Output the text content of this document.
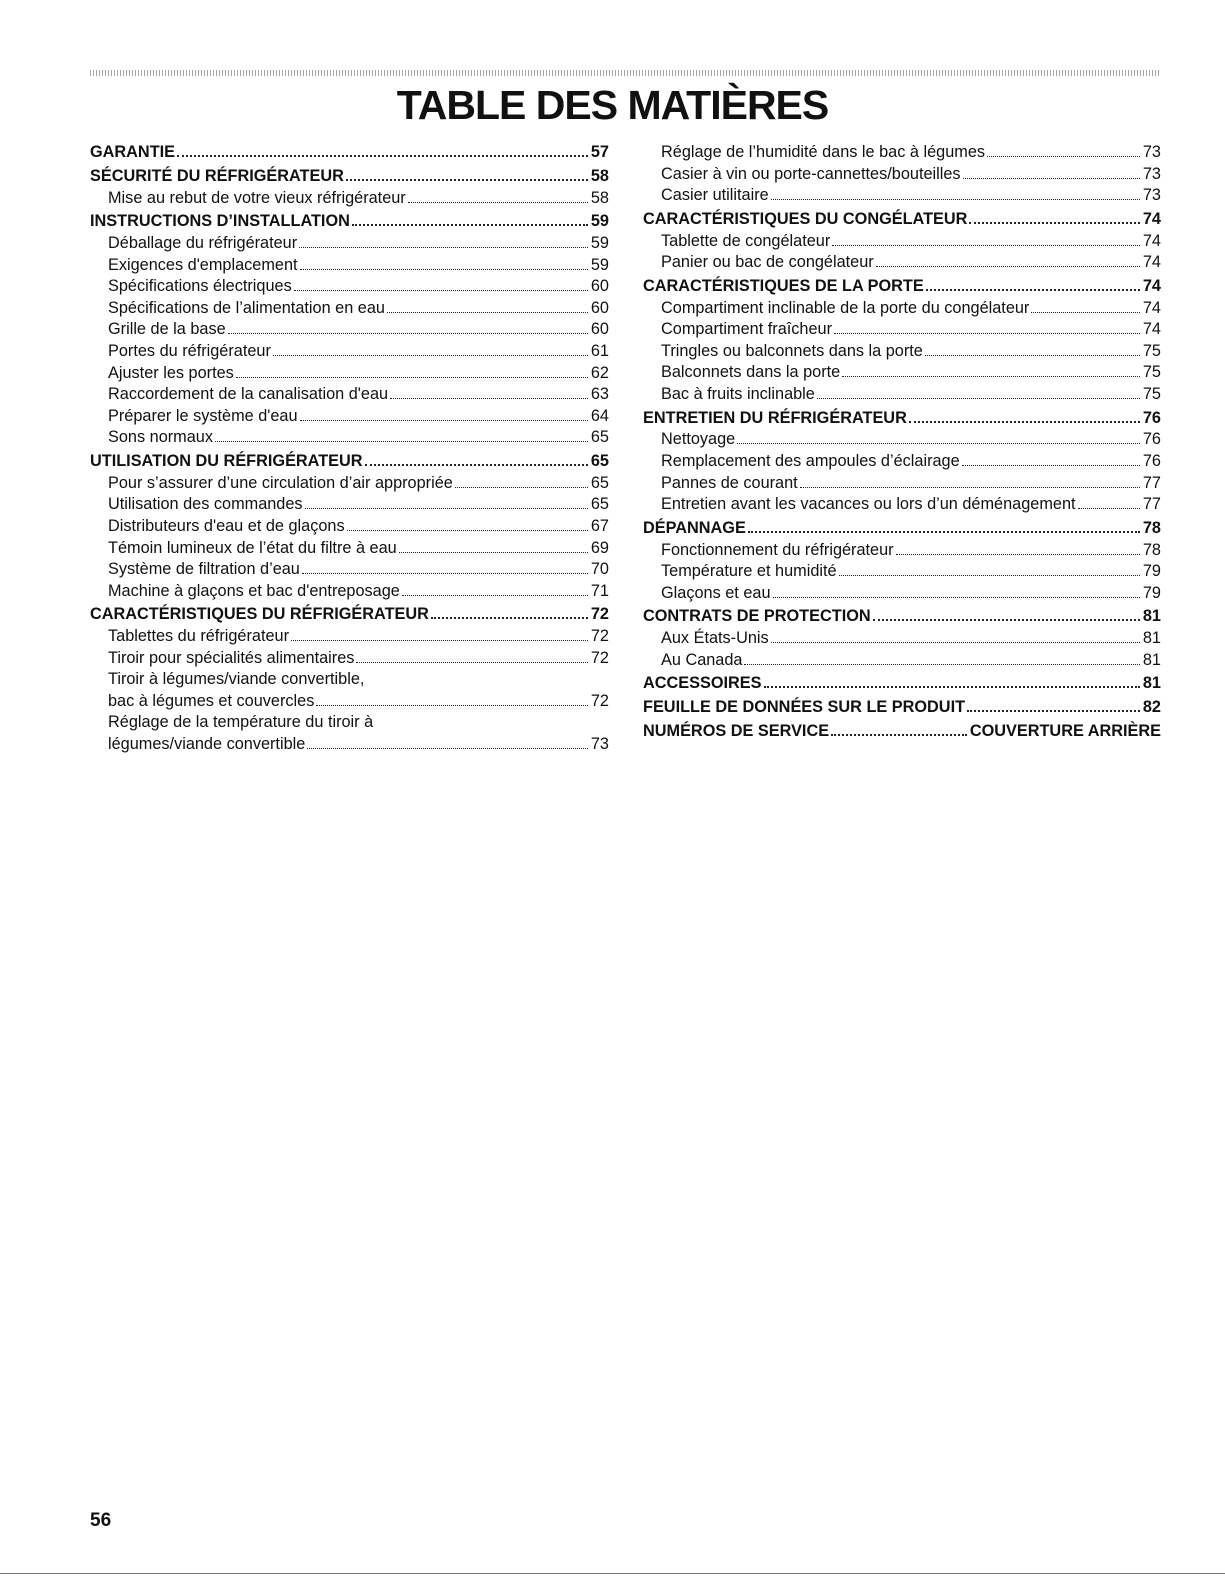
TABLE DES MATIÈRES
GARANTIE	57
SÉCURITÉ DU RÉFRIGÉRATEUR	58
Mise au rebut de votre vieux réfrigérateur	58
INSTRUCTIONS D’INSTALLATION	59
Déballage du réfrigérateur	59
Exigences d'emplacement	59
Spécifications électriques	60
Spécifications de l’alimentation en eau	60
Grille de la base	60
Portes du réfrigérateur	61
Ajuster les portes	62
Raccordement de la canalisation d'eau	63
Préparer le système d'eau	64
Sons normaux	65
UTILISATION DU RÉFRIGÉRATEUR	65
Pour s’assurer d’une circulation d’air appropriée	65
Utilisation des commandes	65
Distributeurs d'eau et de glaçons	67
Témoin lumineux de l’état du filtre à eau	69
Système de filtration d’eau	70
Machine à glaçons et bac d'entreposage	71
CARACTÉRISTIQUES DU RÉFRIGÉRATEUR	72
Tablettes du réfrigérateur	72
Tiroir pour spécialités alimentaires	72
Tiroir à légumes/viande convertible,
bac à légumes et couvercles	72
Réglage de la température du tiroir à
légumes/viande convertible	73
Réglage de l’humidité dans le bac à légumes	73
Casier à vin ou porte-cannettes/bouteilles	73
Casier utilitaire	73
CARACTÉRISTIQUES DU CONGÉLATEUR	74
Tablette de congélateur	74
Panier ou bac de congélateur	74
CARACTÉRISTIQUES DE LA PORTE	74
Compartiment inclinable de la porte du congélateur	74
Compartiment fraîcheur	74
Tringles ou balconnets dans la porte	75
Balconnets dans la porte	75
Bac à fruits inclinable	75
ENTRETIEN DU RÉFRIGÉRATEUR	76
Nettoyage	76
Remplacement des ampoules d’éclairage	76
Pannes de courant	77
Entretien avant les vacances ou lors d’un déménagement	77
DÉPANNAGE	78
Fonctionnement du réfrigérateur	78
Température et humidité	79
Glaçons et eau	79
CONTRATS DE PROTECTION	81
Aux États-Unis	81
Au Canada	81
ACCESSOIRES	81
FEUILLE DE DONNÉES SUR LE PRODUIT	82
NUMÉROS DE SERVICE	COUVERTURE ARRIÈRE
56
